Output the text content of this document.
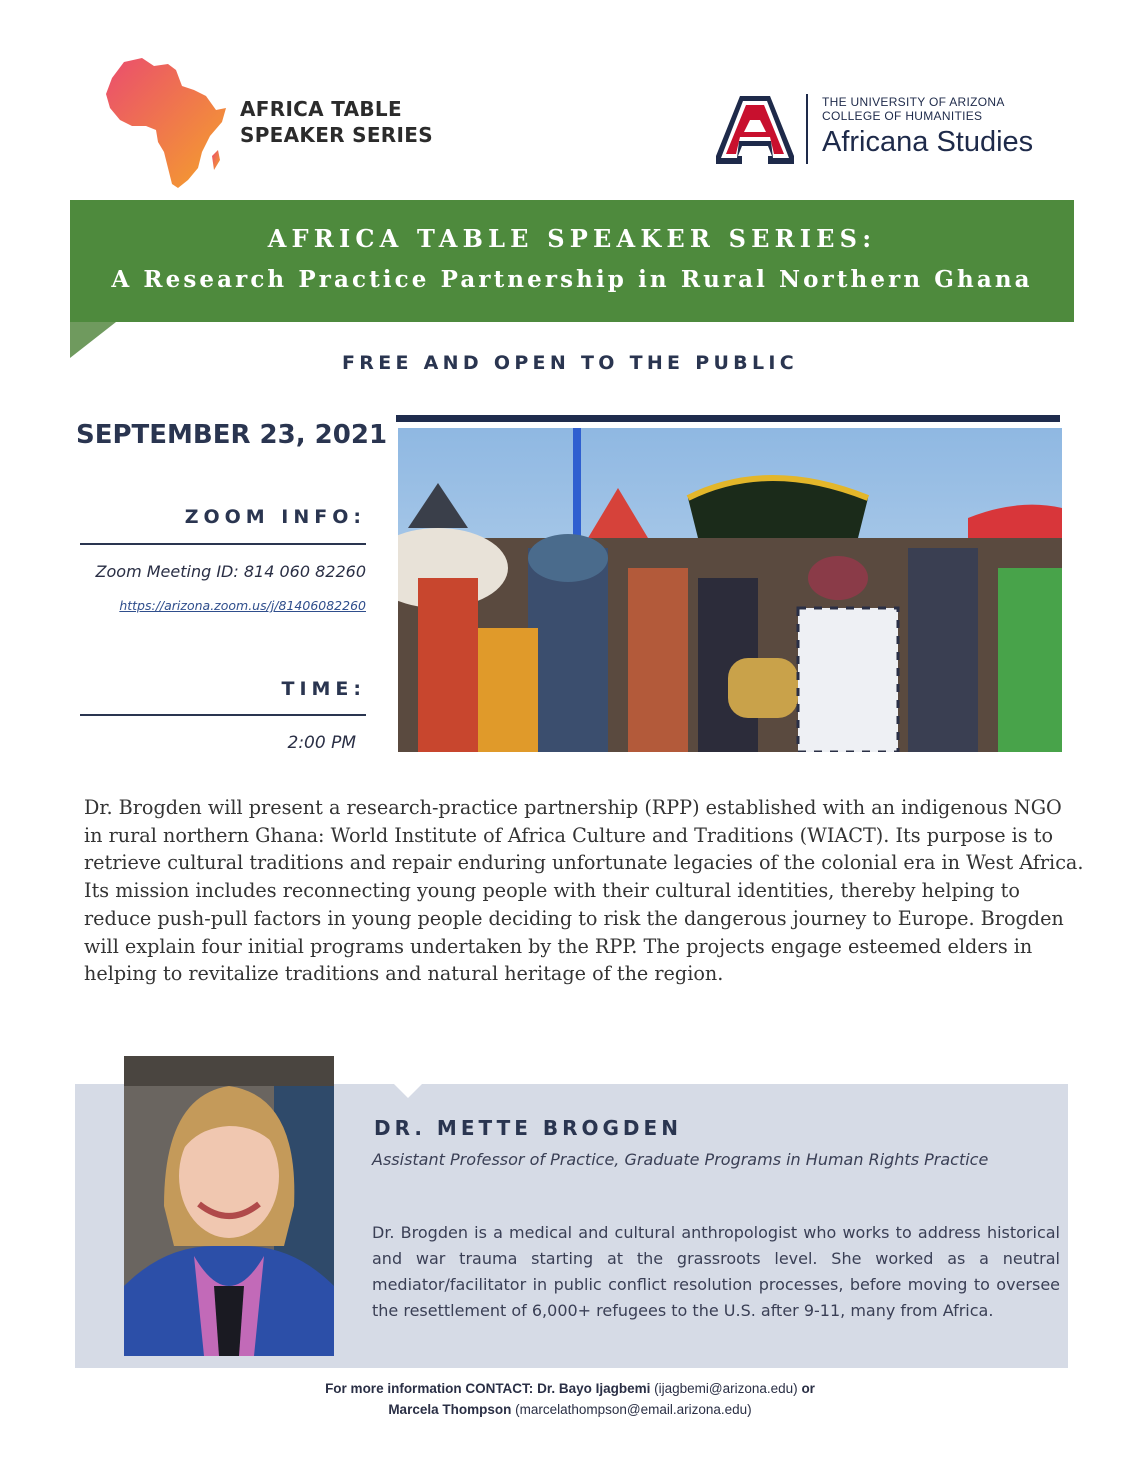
AFRICA TABLE
SPEAKER SERIES
THE UNIVERSITY OF ARIZONA
COLLEGE OF HUMANITIES
Africana Studies
AFRICA TABLE SPEAKER SERIES:
A Research Practice Partnership in Rural Northern Ghana
FREE AND OPEN TO THE PUBLIC
SEPTEMBER 23, 2021
ZOOM INFO:
Zoom Meeting ID: 814 060 82260
https://arizona.zoom.us/j/81406082260
TIME:
2:00 PM
Dr. Brogden will present a research-practice partnership (RPP) established with an indigenous NGO in rural northern Ghana: World Institute of Africa Culture and Traditions (WIACT). Its purpose is to retrieve cultural traditions and repair enduring unfortunate legacies of the colonial era in West Africa. Its mission includes reconnecting young people with their cultural identities, thereby helping to reduce push-pull factors in young people deciding to risk the dangerous journey to Europe. Brogden will explain four initial programs undertaken by the RPP. The projects engage esteemed elders in helping to revitalize traditions and natural heritage of the region.
DR. METTE BROGDEN
Assistant Professor of Practice, Graduate Programs in Human Rights Practice
Dr. Brogden is a medical and cultural anthropologist who works to address historical and war trauma starting at the grassroots level. She worked as a neutral mediator/facilitator in public conflict resolution processes, before moving to oversee the resettlement of 6,000+ refugees to the U.S. after 9-11, many from Africa.
For more information CONTACT: Dr. Bayo Ijagbemi (ijagbemi@arizona.edu) or
Marcela Thompson (marcelathompson@email.arizona.edu)
